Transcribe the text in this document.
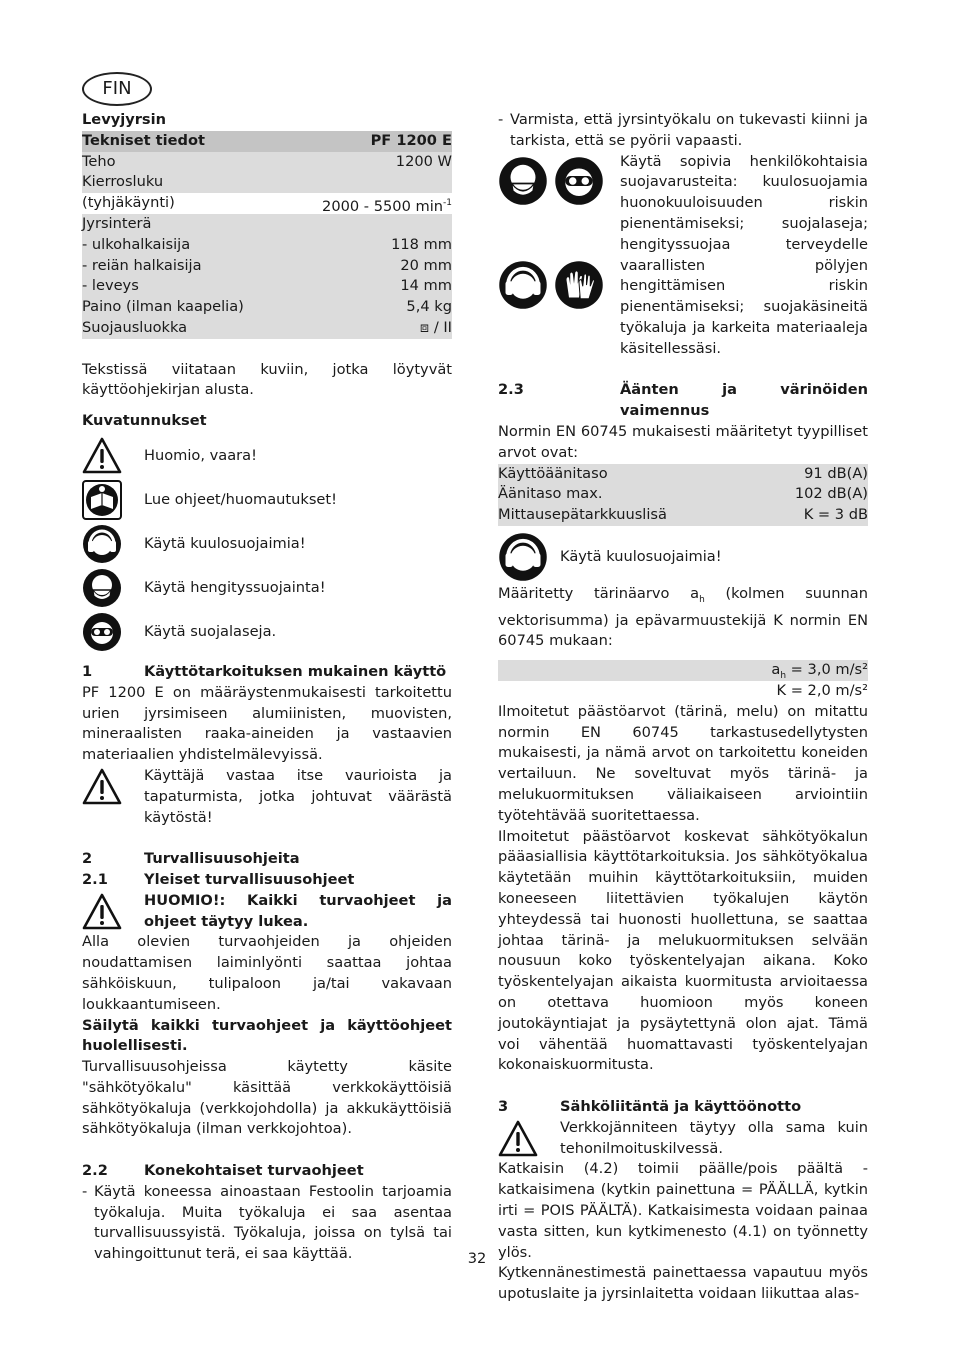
FIN

Levyjyrsin

Tekniset tiedot	PF 1200 E
Teho	1200 W
Kierrosluku
(tyhjäkäynti)	2000 - 5500 $\min^{-1}$
Jyrsinterä
- ulkohalkaisija	118 mm
- reiän halkaisija	20 mm
- leveys	14 mm
Paino (ilman kaapelia)	5,4 kg
Suojausluokka	⧈ / II

Tekstissä viitataan kuviin, jotka löytyvät käyttöohjekirjan alusta.

Kuvatunnukset

Huomio, vaara!
Lue ohjeet/huomautukset!
Käytä kuulosuojaimia!
Käytä hengityssuojainta!
Käytä suojalaseja.
1	Käyttötarkoituksen mukainen käyttö

PF 1200 E on määräystenmukaisesti tarkoitettu urien jyrsimiseen alumiinisten, muovisten, mineraalisten raaka-aineiden ja vastaavien materiaalien yhdistelmälevyissä.

Käyttäjä vastaa itse vaurioista ja tapaturmista, jotka johtuvat väärästä käytöstä!

2	Turvallisuusohjeita
2.1	Yleiset turvallisuusohjeet

HUOMIO!: Kaikki turvaohjeet ja ohjeet täytyy lukea.

Alla olevien turvaohjeiden ja ohjeiden noudattamisen laiminlyönti saattaa johtaa sähköiskuun, tulipaloon ja/tai vakavaan loukkaantumiseen.

Säilytä kaikki turvaohjeet ja käyttöohjeet huolellisesti.

Turvallisuusohjeissa käytetty käsite "sähkötyökalu" käsittää verkkokäyttöisiä sähkötyökaluja (verkkojohdolla) ja akkukäyttöisiä sähkötyökaluja (ilman verkkojohtoa).

2.2	Konekohtaiset turvaohjeet
- Käytä koneessa ainoastaan Festoolin tarjoamia työkaluja. Muita työkaluja ei saa asentaa turvallisuussyistä. Työkaluja, joissa on tylsä tai vahingoittunut terä, ei saa käyttää.

- Varmista, että jyrsintyökalu on tukevasti kiinni ja tarkista, että se pyörii vapaasti.

Käytä sopivia henkilökohtaisia suojavarusteita: kuulosuojamia huonokuuloisuuden riskin pienentämiseksi; suojalaseja; hengityssuojaa terveydelle vaarallisten pölyjen hengittämisen riskin pienentämiseksi; suojakäsineitä työkaluja ja karkeita materiaaleja käsitellessäsi.

2.3	Äänten ja värinöiden vaimennus

Normin EN 60745 mukaisesti määritetyt tyypilliset arvot ovat:

Käyttöäänitaso	91 dB(A)
Äänitaso max.	102 dB(A)
Mittausepätarkkuuslisä	K = 3 dB
Käytä kuulosuojaimia!

Määritetty tärinäarvo $a_h$ (kolmen suunnan vektorisumma) ja epävarmuustekijä K normin EN 60745 mukaan:

$a_h = 3,0$ m/s²
K = 2,0 m/s²

Ilmoitetut päästöarvot (tärinä, melu) on mitattu normin EN 60745 tarkastusedellytysten mukaisesti, ja nämä arvot on tarkoitettu koneiden vertailuun. Ne soveltuvat myös tärinä- ja melukuormituksen väliaikaiseen arviointiin työtehtävää suoritettaessa.

Ilmoitetut päästöarvot koskevat sähkötyökalun pääasiallisia käyttötarkoituksia. Jos sähkötyökalua käytetään muihin käyttötarkoituksiin, muiden koneeseen liitettävien työkalujen käytön yhteydessä tai huonosti huollettuna, se saattaa johtaa tärinä- ja melukuormituksen selvään nousuun koko työskentelyajan aikana. Koko työskentelyajan aikaista kuormitusta arvioitaessa on otettava huomioon myös koneen joutokäyntiajat ja pysäytettynä olon ajat. Tämä voi vähentää huomattavasti työskentelyajan kokonaiskuormitusta.

3	Sähköliitäntä ja käyttöönotto

Verkkojänniteen täytyy olla sama kuin tehonilmoituskilvessä.

Katkaisin (4.2) toimii päälle/pois päältä -katkaisimena (kytkin painettuna = PÄÄLLÄ, kytkin irti = POIS PÄÄLTÄ). Katkaisimesta voidaan painaa vasta sitten, kun kytkimenesto (4.1) on työnnetty ylös.

Kytkennänestimestä painettaessa vapautuu myös upotuslaite ja jyrsinlaitetta voidaan liikuttaa alas-

32
